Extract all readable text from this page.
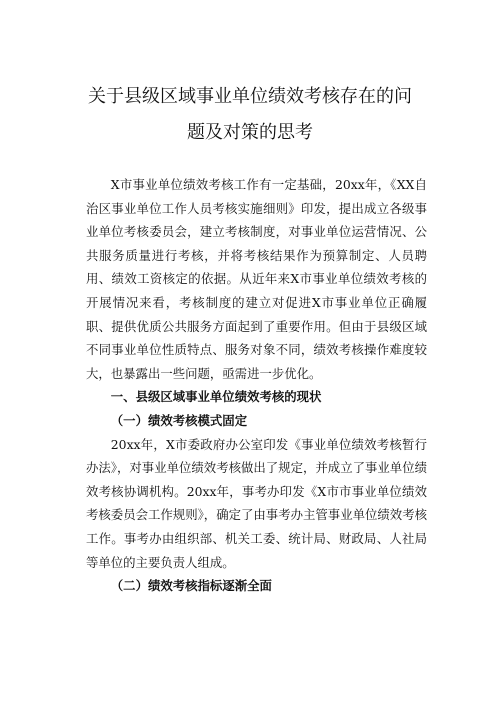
关于县级区域事业单位绩效考核存在的问
题及对策的思考

X市事业单位绩效考核工作有一定基础，20xx年，《XX自治区事业单位工作人员考核实施细则》印发，提出成立各级事业单位考核委员会，建立考核制度，对事业单位运营情况、公共服务质量进行考核，并将考核结果作为预算制定、人员聘用、绩效工资核定的依据。从近年来X市事业单位绩效考核的开展情况来看，考核制度的建立对促进X市事业单位正确履职、提供优质公共服务方面起到了重要作用。但由于县级区域不同事业单位性质特点、服务对象不同，绩效考核操作难度较大，也暴露出一些问题，亟需进一步优化。

一、县级区域事业单位绩效考核的现状

（一）绩效考核模式固定

20xx年，X市委政府办公室印发《事业单位绩效考核暂行办法》，对事业单位绩效考核做出了规定，并成立了事业单位绩效考核协调机构。20xx年，事考办印发《X市市事业单位绩效考核委员会工作规则》，确定了由事考办主管事业单位绩效考核工作。事考办由组织部、机关工委、统计局、财政局、人社局等单位的主要负责人组成。

（二）绩效考核指标逐渐全面
